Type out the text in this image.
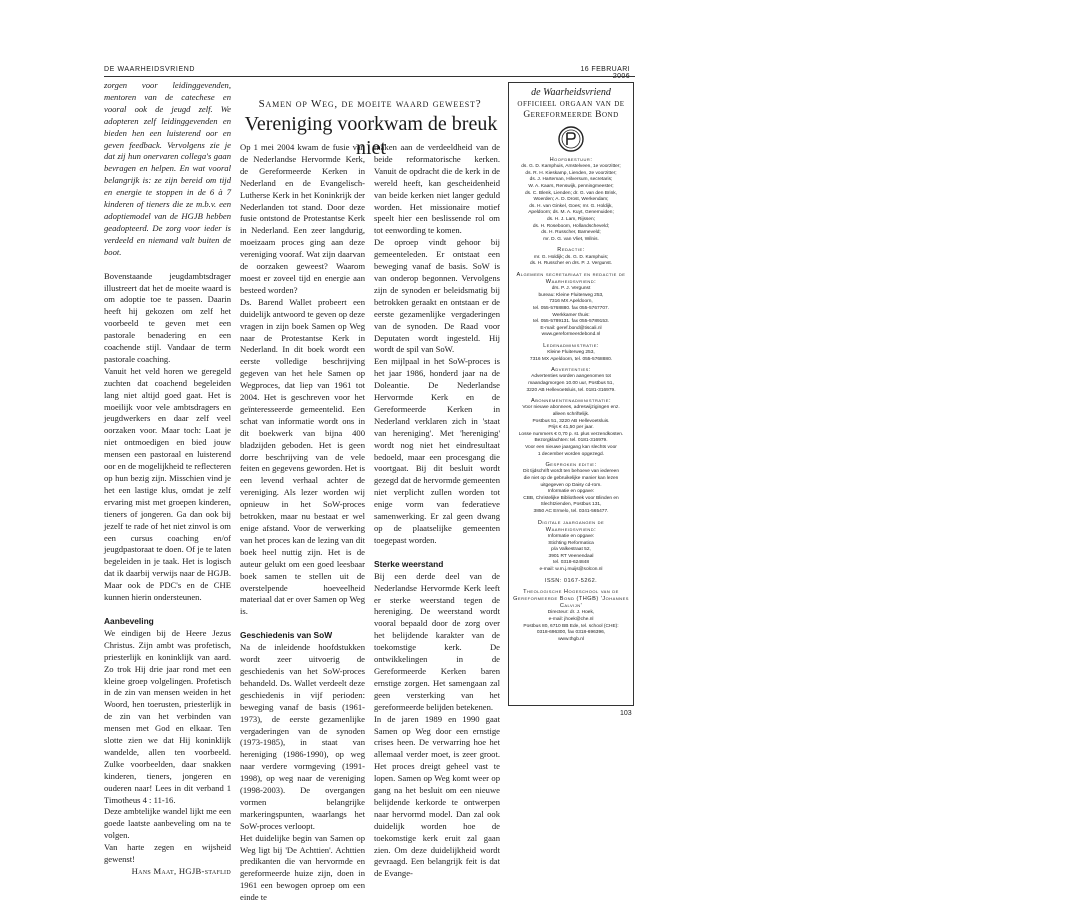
DE WAARHEIDSVRIEND	16 FEBRUARI

zorgen voor leidinggevenden, mentoren van de catechese en vooral ook de jeugd zelf. We adopteren zelf leidinggevenden en bieden hen een luisterend oor en geven feedback. Vervolgens zie je dat zij hun onervaren collega's gaan bevragen en helpen. En wat vooral belangrijk is: ze zijn bereid om tijd en energie te stoppen in de 6 à 7 kinderen of tieners die ze m.b.v. een adoptiemodel van de HGJB hebben geadopteerd. De zorg voor ieder is verdeeld en niemand valt buiten de boot.

Bovenstaande jeugdambtsdrager illustreert dat het de moeite waard is om adoptie toe te passen. Daarin heeft hij gekozen om zelf het voorbeeld te geven met een pastorale benadering en een coachende stijl. Vandaar de term pastorale coaching.

Vanuit het veld horen we geregeld zuchten dat coachend begeleiden lang niet altijd goed gaat. Het is moeilijk voor vele ambtsdragers en jeugdwerkers en daar zelf veel oorzaken voor. Maar toch: Laat je niet ontmoedigen en bied jouw mensen een pastoraal en luisterend oor en de mogelijkheid te reflecteren op hun bezig zijn. Misschien vind je het een lastige klus, omdat je zelf ervaring mist met groepen kinderen, tieners of jongeren. Ga dan ook bij jezelf te rade of het niet zinvol is om een cursus coaching en/of jeugdpastoraat te doen. Of je te laten begeleiden in je taak. Het is logisch dat ik daarbij verwijs naar de HGJB. Maar ook de PDC's en de CHE kunnen hierin ondersteunen.

Aanbeveling

We eindigen bij de Heere Jezus Christus. Zijn ambt was profetisch, priesterlijk en koninklijk van aard. Zo trok Hij drie jaar rond met een kleine groep volgelingen. Profetisch in de zin van mensen weiden in het Woord, hen toerusten, priesterlijk in de zin van het verbinden van mensen met God en elkaar. Ten slotte zien we dat Hij koninklijk wandelde, allen ten voorbeeld. Zulke voorbeelden, daar snakken kinderen, tieners, jongeren en ouderen naar! Lees in dit verband 1 Timotheus 4 : 11-16.

Deze ambtelijke wandel lijkt me een goede laatste aanbeveling om na te volgen.

Van harte zegen en wijsheid gewenst!

Hans Maat, HGJB-staflid

Samen op Weg, de moeite waard geweest?
Vereniging voorkwam de breuk niet

Op 1 mei 2004 kwam de fusie van de Nederlandse Hervormde Kerk, de Gereformeerde Kerken in Nederland en de Evangelisch-Lutherse Kerk in het Koninkrijk der Nederlanden tot stand. Door deze fusie ontstond de Protestantse Kerk in Nederland. Een zeer langdurig, moeizaam proces ging aan deze vereniging vooraf. Wat zijn daarvan de oorzaken geweest? Waarom moest er zoveel tijd en energie aan besteed worden?

Ds. Barend Wallet probeert een duidelijk antwoord te geven op deze vragen in zijn boek Samen op Weg naar de Protestantse Kerk in Nederland. In dit boek wordt een eerste volledige beschrijving gegeven van het hele Samen op Wegproces, dat liep van 1961 tot 2004. Het is geschreven voor het geïnteresseerde gemeentelid. Een schat van informatie wordt ons in dit boekwerk van bijna 400 bladzijden geboden. Het is geen dorre beschrijving van de vele feiten en gegevens geworden. Het is een levend verhaal achter de vereniging. Als lezer worden wij opnieuw in het SoW-proces betrokken, maar nu bestaat er wel enige afstand. Voor de verwerking van het proces kan de lezing van dit boek heel nuttig zijn. Het is de auteur gelukt om een goed leesbaar boek samen te stellen uit de overstelpende hoeveelheid materiaal dat er over Samen op Weg is.

Geschiedenis van SoW

Na de inleidende hoofdstukken wordt zeer uitvoerig de geschiedenis van het SoW-proces behandeld. Ds. Wallet verdeelt deze geschiedenis in vijf perioden: beweging vanaf de basis (1961-1973), de eerste gezamenlijke vergaderingen van de synoden (1973-1985), in staat van hereniging (1986-1990), op weg naar verdere vormgeving (1991-1998), op weg naar de vereniging (1998-2003). De overgangen vormen belangrijke markeringspunten, waarlangs het SoW-proces verloopt.

Het duidelijke begin van Samen op Weg ligt bij 'De Achttien'. Achttien predikanten die van hervormde en gereformeerde huize zijn, doen in 1961 een bewogen oproep om een einde te

maken aan de verdeeldheid van de beide reformatorische kerken. Vanuit de opdracht die de kerk in de wereld heeft, kan gescheidenheid van beide kerken niet langer geduld worden. Het missionaire motief speelt hier een beslissende rol om tot eenwording te komen.

De oproep vindt gehoor bij gemeenteleden. Er ontstaat een beweging vanaf de basis. SoW is van onderop begonnen. Vervolgens zijn de synoden er beleidsmatig bij betrokken geraakt en ontstaan er de eerste gezamenlijke vergaderingen van de synoden. De Raad voor Deputaten wordt ingesteld. Hij wordt de spil van SoW.

Een mijlpaal in het SoW-proces is het jaar 1986, honderd jaar na de Doleantie. De Nederlandse Hervormde Kerk en de Gereformeerde Kerken in Nederland verklaren zich in 'staat van hereniging'. Met 'hereniging' wordt nog niet het eindresultaat bedoeld, maar een procesgang die voortgaat. Bij dit besluit wordt gezegd dat de hervormde gemeenten niet verplicht zullen worden tot enige vorm van federatieve samenwerking. Er zal geen dwang op de plaatselijke gemeenten toegepast worden.

Sterke weerstand

Bij een derde deel van de Nederlandse Hervormde Kerk leeft er sterke weerstand tegen de hereniging. De weerstand wordt vooral bepaald door de zorg over het belijdende karakter van de toekomstige kerk. De ontwikkelingen in de Gereformeerde Kerken baren ernstige zorgen. Het samengaan zal geen versterking van het gereformeerde belijden betekenen.

In de jaren 1989 en 1990 gaat Samen op Weg door een ernstige crises heen. De verwarring hoe het allemaal verder moet, is zeer groot. Het proces dreigt geheel vast te lopen. Samen op Weg komt weer op gang na het besluit om een nieuwe belijdende kerkorde te ontwerpen naar hervormd model. Dan zal ook duidelijk worden hoe de toekomstige kerk eruit zal gaan zien. Om deze duidelijkheid wordt gevraagd. Een belangrijk feit is dat de Evange-

de Waarheidsvriend
officieel orgaan van de Gereformeerde Bond
Hoofdbestuur:
ds. G. D. Kamphuis, Amstelveen, 1e voorzitter;
ds. R. H. Kieskamp, Lienden, 2e voorzitter;
ds. J. Harteman, Hilversum, secretaris;
W. A. Kaars, Renswijk, penningmeester;
ds. C. Blenk, Lienden; dr. G. van den Brink,
Woerden; A. D. Drost, Werkendam;
ds. H. van Ginkel, Goes; mr. G. Holdijk,
Apeldoorn; ds. M. A. Kuyt, Genemuiden;
ds. H. J. Lam, Rijssen;
ds. H. Roseboom, Hollandscheveld;
ds. H. Russcher, Barneveld;
mr. D. G. van Vliet, Wilnis.
Redactie:
mr. G. Holdijk; ds. G. D. Kamphuis;
ds. H. Russcher en drs. P. J. Vergunst.
Algemeen secretariaat en redactie de Waarheidsvriend:
drs. P. J. Vergunst
bureau: Kleine Fluiterweg 253,
7316 MX Apeldoorn,
tel. 055-5768880. fax 055-5767707.
Werkkamer thuis:
tel. 055-5789131. fax 055-5789153.
E-mail: geref.bond@tiscali.nl
www.gereformeerdebond.nl
Ledenadministratie:
Kleine Fluiterweg 253,
7316 MX Apeldoorn, tel. 055-5768880.
Advertenties:
Advertenties worden aangenomen tot
maandagmorgen 10.00 uur, Postbus 51,
3220 AB Hellevoetsluis, tel. 0181-316979.
Abonnementenadministratie:
Voor nieuwe abonnees, adreswijzigingen enz.
alleen schriftelijk.
Postbus 51, 3220 AB Hellevoetsluis.
Prijs € 41,50 per jaar.
Losse nummers € 0,70 p. st. plus verzendkosten. Bezorgklachten: tel. 0181-316979.
Voor een nieuwe jaargang kan slechts voor
1 december worden opgezegd.
Gesproken editie:
Dit tijdschrift wordt ten behoeve van iedereen
die niet op de gebruikelijke manier kan lezen
uitgegeven op Daisy cd-rom.
Informatie en opgave:
CBB, Christelijke Bibliotheek voor Blinden en
Slechtzienden, Postbus 131,
3850 AC Ermelo, tel. 0341-565477.
Digitale jaargangen de Waarheidsvriend:
Informatie en opgave:
Stichting Reformatica
p/a Valkestraat 52,
3901 RT Veenendaal
tel. 0318-624848
e-mail: w.m.j.muijs@solcon.nl
ISSN: 0167-5262.
Theologische Hogeschool van de Gereformeerde Bond (THGB) 'Johannes Calvijn'
Directeur: dr. J. Hoek,
e-mail: jhoek@che.nl
Postbus 80, 6710 BB Ede, tel. school (CHE):
0318-696300, fax 0318-696396,
www.thgb.nl
103
